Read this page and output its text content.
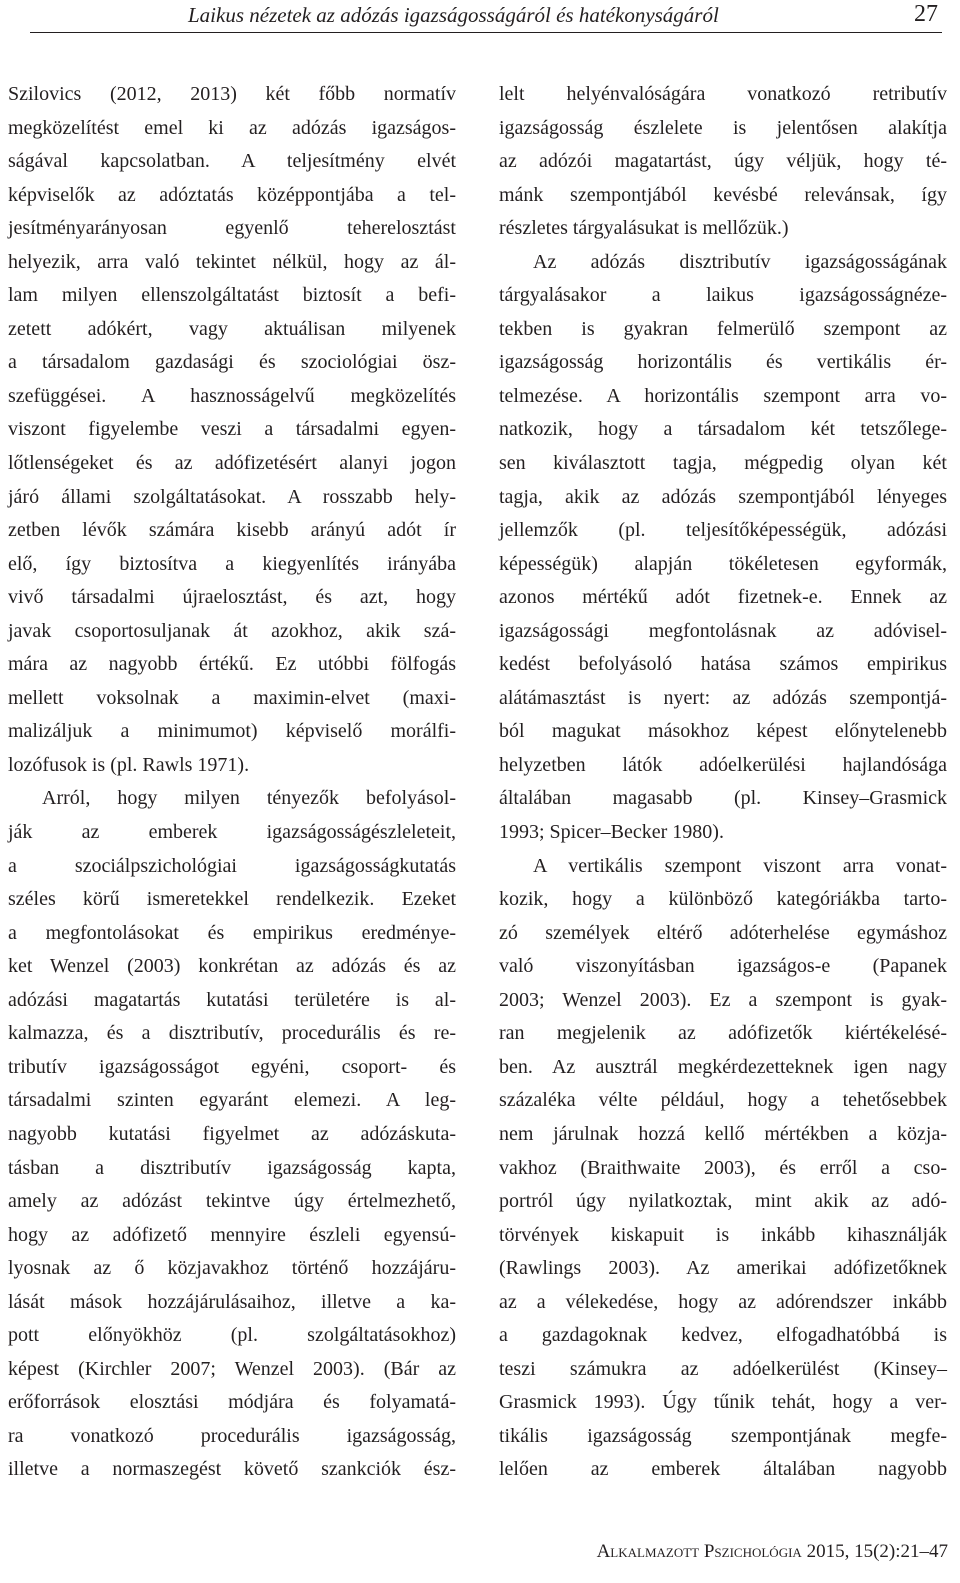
Laikus nézetek az adózás igazságosságáról és hatékonyságáról	27
Szilovics (2012, 2013) két főbb normatív
megközelítést emel ki az adózás igazságos-
ságával kapcsolatban. A teljesítmény elvét
képviselők az adóztatás középpontjába a tel-
jesítményarányosan egyenlő teherelosztást
helyezik, arra való tekintet nélkül, hogy az ál-
lam milyen ellenszolgáltatást biztosít a befi-
zetett adókért, vagy aktuálisan milyenek
a társadalom gazdasági és szociológiai ösz-
szefüggései. A hasznosságelvű megközelítés
viszont figyelembe veszi a társadalmi egyen-
lőtlenségeket és az adófizetésért alanyi jogon
járó állami szolgáltatásokat. A rosszabb hely-
zetben lévők számára kisebb arányú adót ír
elő, így biztosítva a kiegyenlítés irányába
vivő társadalmi újraelosztást, és azt, hogy
javak csoportosuljanak át azokhoz, akik szá-
mára az nagyobb értékű. Ez utóbbi fölfogás
mellett voksolnak a maximin-elvet (maxi-
malizáljuk a minimumot) képviselő morálfi-
lozófusok is (pl. Rawls 1971).
Arról, hogy milyen tényezők befolyásol-
ják az emberek igazságosságészleleteit,
a szociálpszichológiai igazságosságkutatás
széles körű ismeretekkel rendelkezik. Ezeket
a megfontolásokat és empirikus eredménye-
ket Wenzel (2003) konkrétan az adózás és az
adózási magatartás kutatási területére is al-
kalmazza, és a disztributív, procedurális és re-
tributív igazságosságot egyéni, csoport- és
társadalmi szinten egyaránt elemezi. A leg-
nagyobb kutatási figyelmet az adózáskuta-
tásban a disztributív igazságosság kapta,
amely az adózást tekintve úgy értelmezhető,
hogy az adófizető mennyire észleli egyensú-
lyosnak az ő közjavakhoz történő hozzájáru-
lását mások hozzájárulásaihoz, illetve a ka-
pott előnyökhöz (pl. szolgáltatásokhoz)
képest (Kirchler 2007; Wenzel 2003). (Bár az
erőforrások elosztási módjára és folyamatá-
ra vonatkozó procedurális igazságosság,
illetve a normaszegést követő szankciók ész-
lelt helyénvalóságára vonatkozó retributív
igazságosság észlelete is jelentősen alakítja
az adózói magatartást, úgy véljük, hogy té-
mánk szempontjából kevésbé relevánsak, így
részletes tárgyalásukat is mellőzük.)
Az adózás disztributív igazságosságának
tárgyalásakor a laikus igazságosságnéze-
tekben is gyakran felmerülő szempont az
igazságosság horizontális és vertikális ér-
telmezése. A horizontális szempont arra vo-
natkozik, hogy a társadalom két tetszőlege-
sen kiválasztott tagja, mégpedig olyan két
tagja, akik az adózás szempontjából lényeges
jellemzők (pl. teljesítőképességük, adózási
képességük) alapján tökéletesen egyformák,
azonos mértékű adót fizetnek-e. Ennek az
igazságossági megfontolásnak az adóvisel-
kedést befolyásoló hatása számos empirikus
alátámasztást is nyert: az adózás szempontjá-
ból magukat másokhoz képest előnytelenebb
helyzetben látók adóelkerülési hajlandósága
általában magasabb (pl. Kinsey–Grasmick
1993; Spicer–Becker 1980).
A vertikális szempont viszont arra vonat-
kozik, hogy a különböző kategóriákba tarto-
zó személyek eltérő adóterhelése egymáshoz
való viszonyításban igazságos-e (Papanek
2003; Wenzel 2003). Ez a szempont is gyak-
ran megjelenik az adófizetők kiértékelésé-
ben. Az ausztrál megkérdezetteknek igen nagy
százaléka vélte például, hogy a tehetősebbek
nem járulnak hozzá kellő mértékben a közja-
vakhoz (Braithwaite 2003), és erről a cso-
portról úgy nyilatkoztak, mint akik az adó-
törvények kiskapuit is inkább kihasználják
(Rawlings 2003). Az amerikai adófizetőknek
az a vélekedése, hogy az adórendszer inkább
a gazdagoknak kedvez, elfogadhatóbbá is
teszi számukra az adóelkerülést (Kinsey–
Grasmick 1993). Úgy tűnik tehát, hogy a ver-
tikális igazságosság szempontjának megfe-
lelően az emberek általában nagyobb
Alkalmazott Pszichológia 2015, 15(2):21–47
